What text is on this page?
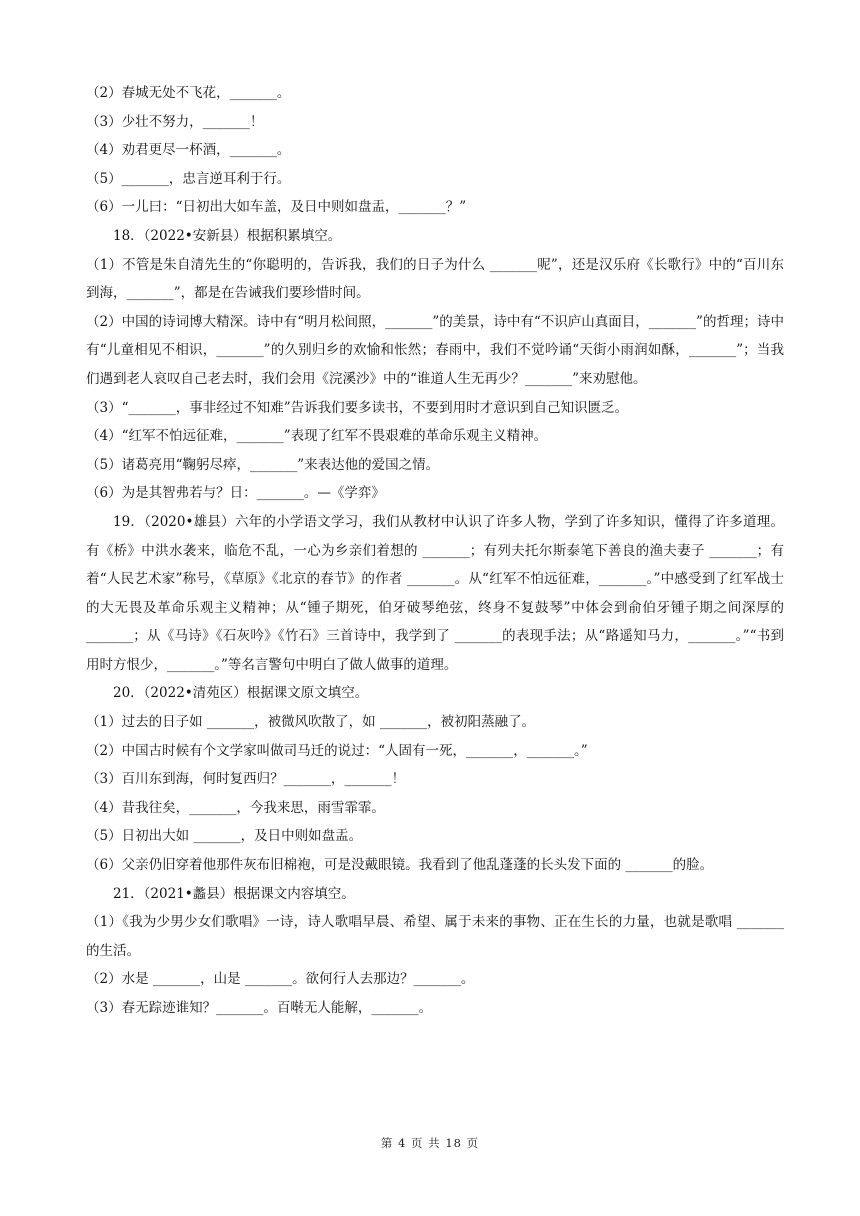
（2）春城无处不飞花，_______。
（3）少壮不努力，_______！
（4）劝君更尽一杯酒，_______。
（5）_______，忠言逆耳利于行。
（6）一儿曰：“日初出大如车盖，及日中则如盘盂，_______？”
18．（2022•安新县）根据积累填空。
（1）不管是朱自清先生的“你聪明的，告诉我，我们的日子为什么 _______呢”，还是汉乐府《长歌行》中的“百川东到海，_______”，都是在告诫我们要珍惜时间。
（2）中国的诗词博大精深。诗中有“明月松间照，_______”的美景，诗中有“不识庐山真面目，_______”的哲理；诗中有“儿童相见不相识，_______”的久别归乡的欢愉和怅然；春雨中，我们不觉吟诵“天街小雨润如酥，_______”；当我们遇到老人哀叹自己老去时，我们会用《浣溪沙》中的“谁道人生无再少？_______”来劝慰他。
（3）“_______，事非经过不知难”告诉我们要多读书，不要到用时才意识到自己知识匮乏。
（4）“红军不怕远征难，_______”表现了红军不畏艰难的革命乐观主义精神。
（5）诸葛亮用“鞠躬尽瘁，_______”来表达他的爱国之情。
（6）为是其智弗若与？日：_______。—《学弈》
19．（2020•雄县）六年的小学语文学习，我们从教材中认识了许多人物，学到了许多知识，懂得了许多道理。有《桥》中洪水袭来，临危不乱，一心为乡亲们着想的 _______；有列夫托尔斯泰笔下善良的渔夫妻子 _______；有着“人民艺术家”称号，《草原》《北京的春节》的作者 _______。从“红军不怕远征难，_______。”中感受到了红军战士的大无畏及革命乐观主义精神；从“锺子期死，伯牙破琴绝弦，终身不复鼓琴”中体会到俞伯牙锺子期之间深厚的 _______；从《马诗》《石灰吟》《竹石》三首诗中，我学到了 _______的表现手法；从“路遥知马力，_______。”“书到用时方恨少，_______。”等名言警句中明白了做人做事的道理。
20．（2022•清苑区）根据课文原文填空。
（1）过去的日子如 _______，被微风吹散了，如 _______，被初阳蒸融了。
（2）中国古时候有个文学家叫做司马迁的说过：“人固有一死，_______，_______。”
（3）百川东到海，何时复西归？_______，_______！
（4）昔我往矣，_______，今我来思，雨雪霏霏。
（5）日初出大如 _______，及日中则如盘盂。
（6）父亲仍旧穿着他那件灰布旧棉袍，可是没戴眼镜。我看到了他乱蓬蓬的长头发下面的 _______的脸。
21．（2021•蠡县）根据课文内容填空。
（1）《我为少男少女们歌唱》一诗，诗人歌唱早晨、希望、属于未来的事物、正在生长的力量，也就是歌唱 _______的生活。
（2）水是 _______，山是 _______。欲何行人去那边？_______。
（3）春无踪迹谁知？_______。百啭无人能解，_______。
第 4 页 共 18 页
